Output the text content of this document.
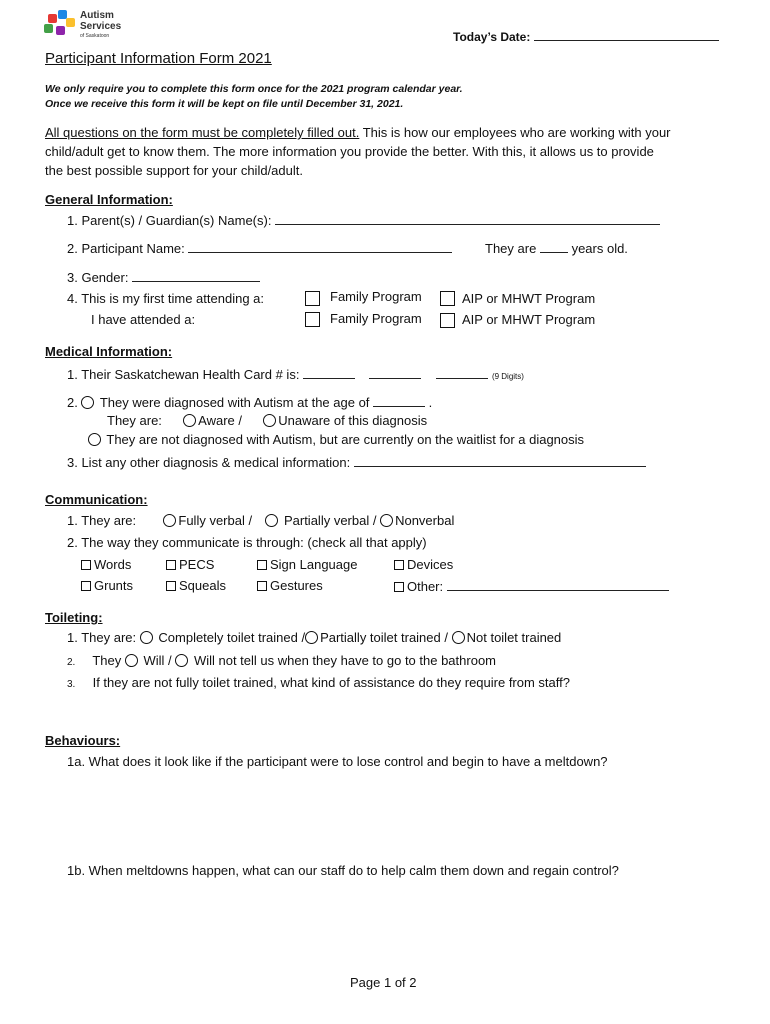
Autism
Services
of Saskatoon	Today’s Date:
Participant Information Form 2021
We only require you to complete this form once for the 2021 program calendar year.
Once we receive this form it will be kept on file until December 31, 2021.
All questions on the form must be completely filled out. This is how our employees who are working with your
child/adult get to know them. The more information you provide the better. With this, it allows us to provide
the best possible support for your child/adult.
General Information:
1. Parent(s) / Guardian(s) Name(s):
2. Participant Name:	They are	years old.
3. Gender:
4. This is my first time attending a:
I have attended a:
Family Program	AIP or MHWT Program
Family Program	AIP or MHWT Program
Medical Information:
1. Their Saskatchewan Health Card # is:	(9 Digits)
2. They were diagnosed with Autism at the age of	.
They are:	Aware /	Unaware of this diagnosis
They are not diagnosed with Autism, but are currently on the waitlist for a diagnosis
3. List any other diagnosis & medical information:
Communication:
1. They are:	Fully verbal / Partially verbal / Nonverbal
2. The way they communicate is through: (check all that apply)
Words	PECS	Sign Language	Devices
Grunts	Squeals	Gestures	Other:
Toileting:
1. They are: Completely toilet trained / Partially toilet trained / Not toilet trained
2. They Will / Will not tell us when they have to go to the bathroom
3. If they are not fully toilet trained, what kind of assistance do they require from staff?
Behaviours:
1a. What does it look like if the participant were to lose control and begin to have a meltdown?
1b. When meltdowns happen, what can our staff do to help calm them down and regain control?
Page 1 of 2
